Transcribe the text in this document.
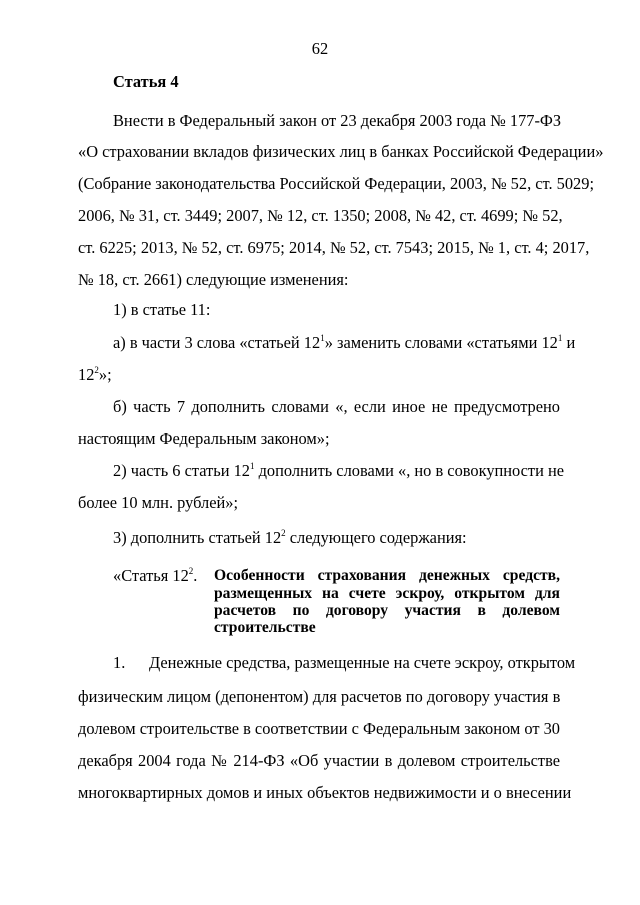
62
Статья 4
Внести в Федеральный закон от 23 декабря 2003 года № 177-ФЗ
«О страховании вкладов физических лиц в банках Российской Федерации»
(Собрание законодательства Российской Федерации, 2003, № 52, ст. 5029;
2006, № 31, ст. 3449; 2007, № 12, ст. 1350; 2008, № 42, ст. 4699; № 52,
ст. 6225; 2013, № 52, ст. 6975; 2014, № 52, ст. 7543; 2015, № 1, ст. 4; 2017,
№ 18, ст. 2661) следующие изменения:
1) в статье 11:
а) в части 3 слова «статьей $12^1$» заменить словами «статьями $12^1$ и
$12^2$»;
б) часть 7 дополнить словами «, если иное не предусмотрено
настоящим Федеральным законом»;
2) часть 6 статьи $12^1$ дополнить словами «, но в совокупности не
более 10 млн. рублей»;
3) дополнить статьей $12^2$ следующего содержания:
«Статья $12^2$. Особенности страхования денежных средств,
размещенных на счете эскроу, открытом для
расчетов по договору участия в долевом
строительстве
1.	Денежные средства, размещенные на счете эскроу, открытом
физическим лицом (депонентом) для расчетов по договору участия в
долевом строительстве в соответствии с Федеральным законом от 30
декабря 2004 года № 214-ФЗ «Об участии в долевом строительстве
многоквартирных домов и иных объектов недвижимости и о внесении
